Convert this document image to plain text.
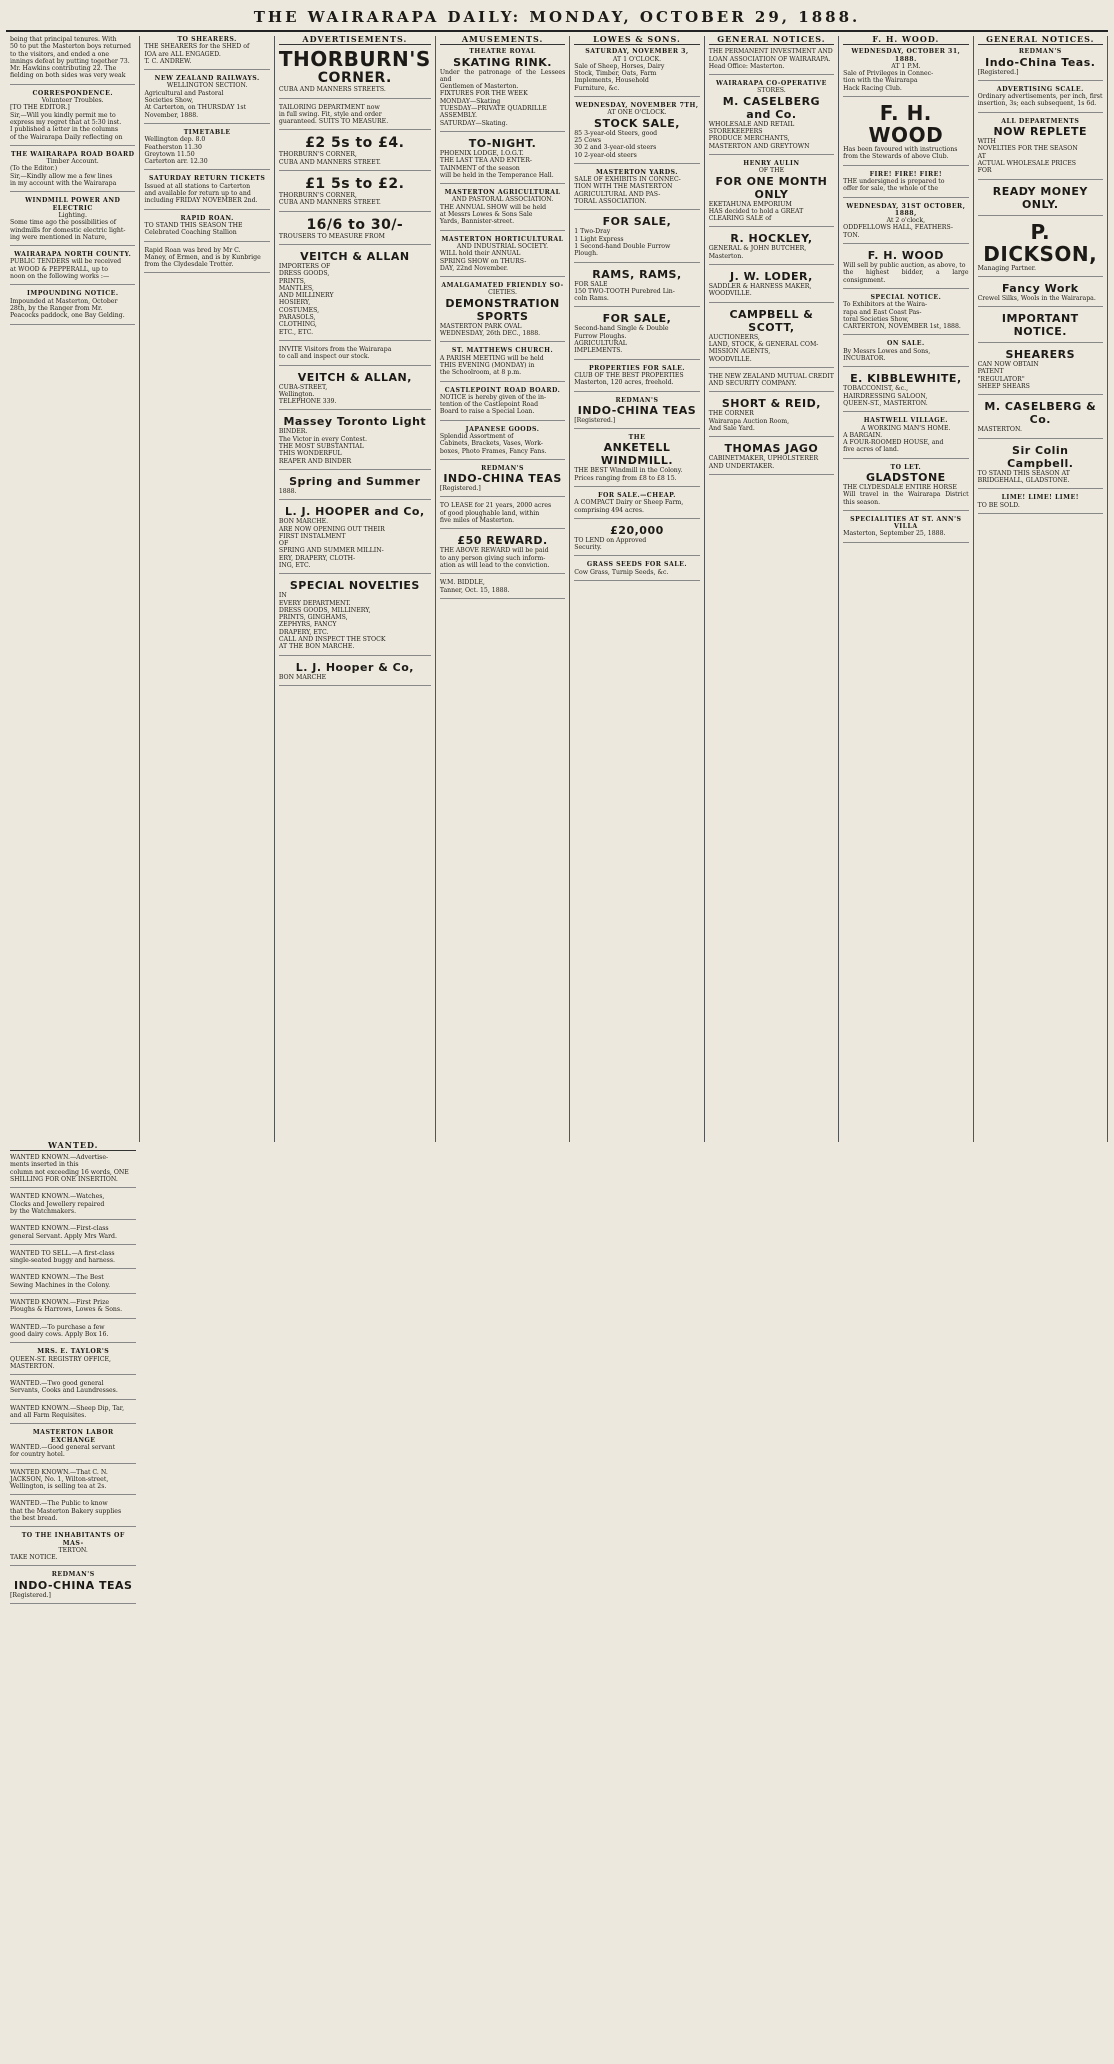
THE WAIRARAPA DAILY: MONDAY, OCTOBER 29, 1888.
being that principal tenures. With
50 to put the Masterton boys returned
to the visitors, and ended a one
innings defeat by putting together 73.
Mr. Hawkins contributing 22. The
fielding on both sides was very weak
CORRESPONDENCE.
Volunteer Troubles.
[TO THE EDITOR.]
Sir,—Will you kindly permit me to
express my regret that at 5:30 inst.
I published a letter in the columns
of the Wairarapa Daily reflecting on
THE WAIRARAPA ROAD BOARD
Timber Account.
(To the Editor.)
Sir,—Kindly allow me a few lines
in my account with the Wairarapa
WINDMILL POWER AND ELECTRIC
Lighting.
Some time ago the possibilities of
windmills for domestic electric light-
ing were mentioned in Nature,
WAIRARAPA NORTH COUNTY.
PUBLIC TENDERS will be received
at WOOD & PEPPERALL, up to
noon on the following works :—
IMPOUNDING NOTICE.
Impounded at Masterton, October
28th, by the Ranger from Mr.
Peacocks paddock, one Bay Gelding.
TO SHEARERS.
THE SHEARERS for the SHED of
IOA are ALL ENGAGED.
T. C. ANDREW.
NEW ZEALAND RAILWAYS.
WELLINGTON SECTION.
Agricultural and Pastoral
Societies Show,
At Carterton, on THURSDAY 1st
November, 1888.
TIMETABLE
Wellington dep. 8.0
Featherston 11.30
Greytown 11.50
Carterton arr. 12.30
SATURDAY RETURN TICKETS
Issued at all stations to Carterton
and available for return up to and
including FRIDAY NOVEMBER 2nd.
RAPID ROAN.
TO STAND THIS SEASON THE
Celebrated Coaching Stallion
Rapid Roan was bred by Mr C.
Maney, of Ermen, and is by Kunbrige
from the Clydesdale Trotter.
ADVERTISEMENTS.
THORBURN'S
CORNER.
CUBA AND MANNERS STREETS.
TAILORING DEPARTMENT now
in full swing. Fit, style and order
guaranteed. SUITS TO MEASURE.
£2 5s to £4.
THORBURN'S CORNER,
CUBA AND MANNERS STREET.
£1 5s to £2.
THORBURN'S CORNER,
CUBA AND MANNERS STREET.
16/6 to 30/-
TROUSERS TO MEASURE FROM
VEITCH & ALLAN
IMPORTERS OF
DRESS GOODS,
PRINTS,
MANTLES,
AND MILLINERY
HOSIERY,
COSTUMES,
PARASOLS,
CLOTHING,
ETC., ETC.
INVITE Visitors from the Wairarapa
to call and inspect our stock.
VEITCH & ALLAN,
CUBA-STREET,
Wellington.
TELEPHONE 339.
Massey Toronto Light
BINDER.
The Victor in every Contest.
THE MOST SUBSTANTIAL
THIS WONDERFUL
REAPER AND BINDER
Spring and Summer
1888.
L. J. HOOPER and Co,
BON MARCHE.
ARE NOW OPENING OUT THEIR
FIRST INSTALMENT
OF
SPRING AND SUMMER MILLIN-
ERY, DRAPERY, CLOTH-
ING, ETC.
SPECIAL NOVELTIES
IN
EVERY DEPARTMENT.
DRESS GOODS, MILLINERY,
PRINTS, GINGHAMS,
ZEPHYRS, FANCY
DRAPERY, ETC.
CALL AND INSPECT THE STOCK
AT THE BON MARCHE.
L. J. Hooper & Co,
BON MARCHE
AMUSEMENTS.
THEATRE ROYAL
SKATING RINK.
Under the patronage of the Lessees and
Gentlemen of Masterton.
FIXTURES FOR THE WEEK
MONDAY—Skating
TUESDAY—PRIVATE QUADRILLE
ASSEMBLY.
SATURDAY—Skating.
TO-NIGHT.
PHOENIX LODGE, I.O.G.T.
THE LAST TEA AND ENTER-
TAINMENT of the season
will be held in the Temperance Hall.
MASTERTON AGRICULTURAL
AND PASTORAL ASSOCIATION.
THE ANNUAL SHOW will be held
at Messrs Lowes & Sons Sale
Yards, Bannister-street.
MASTERTON HORTICULTURAL
AND INDUSTRIAL SOCIETY.
WILL hold their ANNUAL
SPRING SHOW on THURS-
DAY, 22nd November.
AMALGAMATED FRIENDLY SO-
CIETIES.
DEMONSTRATION SPORTS
MASTERTON PARK OVAL
WEDNESDAY, 26th DEC., 1888.
ST. MATTHEWS CHURCH.
A PARISH MEETING will be held
THIS EVENING (MONDAY) in
the Schoolroom, at 8 p.m.
CASTLEPOINT ROAD BOARD.
NOTICE is hereby given of the in-
tention of the Castlepoint Road
Board to raise a Special Loan.
JAPANESE GOODS.
Splendid Assortment of
Cabinets, Brackets, Vases, Work-
boxes, Photo Frames, Fancy Fans.
REDMAN'S
INDO-CHINA TEAS
[Registered.]
TO LEASE for 21 years, 2000 acres
of good ploughable land, within
five miles of Masterton.
£50 REWARD.
THE ABOVE REWARD will be paid
to any person giving such inform-
ation as will lead to the conviction.
W.M. BIDDLE,
Tanner, Oct. 15, 1888.
LOWES & SONS.
SATURDAY, NOVEMBER 3,
AT 1 O'CLOCK.
Sale of Sheep, Horses, Dairy
Stock, Timber, Oats, Farm
Implements, Household
Furniture, &c.
WEDNESDAY, NOVEMBER 7TH,
AT ONE O'CLOCK.
STOCK SALE,
85 3-year-old Steers, good
25 Cows
30 2 and 3-year-old steers
10 2-year-old steers
MASTERTON YARDS.
SALE OF EXHIBITS IN CONNEC-
TION WITH THE MASTERTON
AGRICULTURAL AND PAS-
TORAL ASSOCIATION.
FOR SALE,
1 Two-Dray
1 Light Express
1 Second-hand Double Furrow
Plough.
RAMS, RAMS,
FOR SALE
150 TWO-TOOTH Purebred Lin-
coln Rams.
FOR SALE,
Second-hand Single & Double
Furrow Ploughs.
AGRICULTURAL
IMPLEMENTS.
PROPERTIES FOR SALE.
CLUB OF THE BEST PROPERTIES
Masterton, 120 acres, freehold.
REDMAN'S
INDO-CHINA TEAS
[Registered.]
THE
ANKETELL WINDMILL.
THE BEST Windmill in the Colony.
Prices ranging from £8 to £8 15.
FOR SALE.—CHEAP.
A COMPACT Dairy or Sheep Farm,
comprising 494 acres.
£20,000
TO LEND on Approved
Security.
GRASS SEEDS FOR SALE.
Cow Grass, Turnip Seeds, &c.
GENERAL NOTICES.
THE PERMANENT INVESTMENT AND
LOAN ASSOCIATION OF WAIRARAPA.
Head Office: Masterton.
WAIRARAPA CO-OPERATIVE
STORES.
M. CASELBERG and Co.
WHOLESALE AND RETAIL
STOREKEEPERS
PRODUCE MERCHANTS,
MASTERTON AND GREYTOWN
HENRY AULIN
OF THE
FOR ONE MONTH ONLY
EKETAHUNA EMPORIUM
HAS decided to hold a GREAT
CLEARING SALE of
R. HOCKLEY,
GENERAL & JOHN BUTCHER,
Masterton.
J. W. LODER,
SADDLER & HARNESS MAKER,
WOODVILLE.
CAMPBELL & SCOTT,
AUCTIONEERS,
LAND, STOCK, & GENERAL COM-
MISSION AGENTS,
WOODVILLE.
THE NEW ZEALAND MUTUAL CREDIT
AND SECURITY COMPANY.
SHORT & REID,
THE CORNER
Wairarapa Auction Room,
And Sale Yard.
THOMAS JAGO
CABINETMAKER, UPHOLSTERER
AND UNDERTAKER.
F. H. WOOD.
WEDNESDAY, OCTOBER 31, 1888.
AT 1 P.M.
Sale of Privileges in Connec-
tion with the Wairarapa
Hack Racing Club.
F. H. WOOD
Has been favoured with instructions
from the Stewards of above Club.
FIRE! FIRE! FIRE!
THE undersigned is prepared to
offer for sale, the whole of the
WEDNESDAY, 31ST OCTOBER, 1888,
At 2 o'clock,
ODDFELLOWS HALL, FEATHERS-
TON.
F. H. WOOD
Will sell by public auction, as above, to
the highest bidder, a large consignment.
SPECIAL NOTICE.
To Exhibitors at the Waira-
rapa and East Coast Pas-
toral Societies Show,
CARTERTON, NOVEMBER 1st, 1888.
ON SALE.
By Messrs Lowes and Sons,
INCUBATOR.
E. KIBBLEWHITE,
TOBACCONIST, &c.,
HAIRDRESSING SALOON,
QUEEN-ST., MASTERTON.
HASTWELL VILLAGE.
A WORKING MAN'S HOME.
A BARGAIN.
A FOUR-ROOMED HOUSE, and
five acres of land.
TO LET.
GLADSTONE
THE CLYDESDALE ENTIRE HORSE
Will travel in the Wairarapa District this season.
SPECIALITIES AT ST. ANN'S VILLA
Masterton, September 25, 1888.
GENERAL NOTICES.
REDMAN'S
Indo-China Teas.
[Registered.]
ADVERTISING SCALE.
Ordinary advertisements, per inch, first
insertion, 3s; each subsequent, 1s 6d.
ALL DEPARTMENTS
NOW REPLETE
WITH
NOVELTIES FOR THE SEASON
AT
ACTUAL WHOLESALE PRICES
FOR
READY MONEY ONLY.
P. DICKSON,
Managing Partner.
Fancy Work
Crewel Silks, Wools in the Wairarapa.
IMPORTANT NOTICE.
SHEARERS
CAN NOW OBTAIN
PATENT
"REGULATOR"
SHEEP SHEARS
M. CASELBERG & Co.
MASTERTON.
Sir Colin Campbell.
TO STAND THIS SEASON AT
BRIDGEHALL, GLADSTONE.
LIME! LIME! LIME!
TO BE SOLD.
WANTED.
WANTED KNOWN.—Advertise-
ments inserted in this
column not exceeding 16 words, ONE
SHILLING FOR ONE INSERTION.
WANTED KNOWN.—Watches,
Clocks and Jewellery repaired
by the Watchmakers.
WANTED KNOWN.—First-class
general Servant. Apply Mrs Ward.
WANTED TO SELL.—A first-class
single-seated buggy and harness.
WANTED KNOWN.—The Best
Sewing Machines in the Colony.
WANTED KNOWN.—First Prize
Ploughs & Harrows, Lowes & Sons.
WANTED.—To purchase a few
good dairy cows. Apply Box 16.
MRS. E. TAYLOR'S
QUEEN-ST. REGISTRY OFFICE,
MASTERTON.
WANTED.—Two good general
Servants, Cooks and Laundresses.
WANTED KNOWN.—Sheep Dip, Tar,
and all Farm Requisites.
MASTERTON LABOR EXCHANGE
WANTED.—Good general servant
for country hotel.
WANTED KNOWN.—That C. N.
JACKSON, No. 1, Wilton-street,
Wellington, is selling tea at 2s.
WANTED.—The Public to know
that the Masterton Bakery supplies
the best bread.
TO THE INHABITANTS OF MAS-
TERTON.
TAKE NOTICE.
REDMAN'S
INDO-CHINA TEAS
[Registered.]
